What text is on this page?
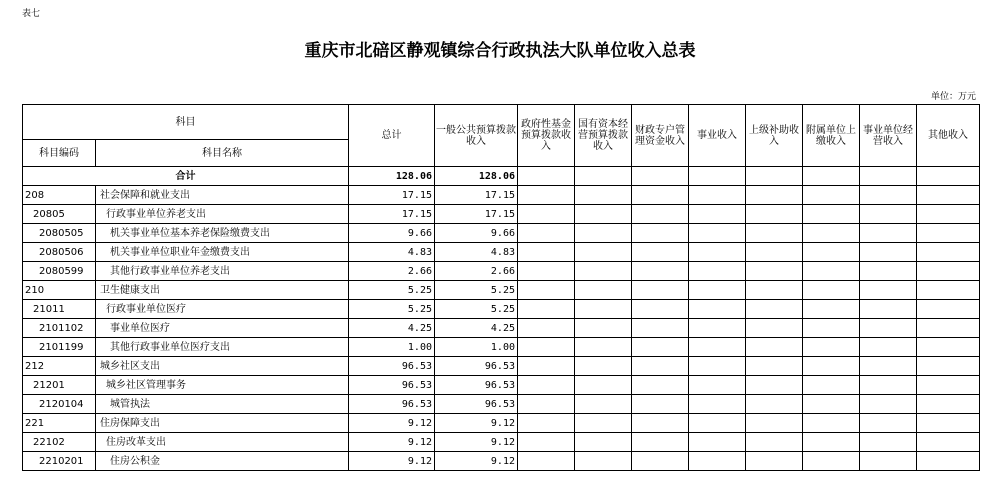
表七
重庆市北碚区静观镇综合行政执法大队单位收入总表
单位：万元
科目		总计	一般公共预算拨款收入	政府性基金预算拨款收入	国有资本经营预算拨款收入	财政专户管理资金收入	事业收入	上级补助收入	附属单位上缴收入	事业单位经营收入	其他收入
科目编码	科目名称										
合计		128.06	128.06								
208	社会保障和就业支出	17.15	17.15								
20805	行政事业单位养老支出	17.15	17.15								
2080505	机关事业单位基本养老保险缴费支出	9.66	9.66								
2080506	机关事业单位职业年金缴费支出	4.83	4.83								
2080599	其他行政事业单位养老支出	2.66	2.66								
210	卫生健康支出	5.25	5.25								
21011	行政事业单位医疗	5.25	5.25								
2101102	事业单位医疗	4.25	4.25								
2101199	其他行政事业单位医疗支出	1.00	1.00								
212	城乡社区支出	96.53	96.53								
21201	城乡社区管理事务	96.53	96.53								
2120104	城管执法	96.53	96.53								
221	住房保障支出	9.12	9.12								
22102	住房改革支出	9.12	9.12								
2210201	住房公积金	9.12	9.12								
